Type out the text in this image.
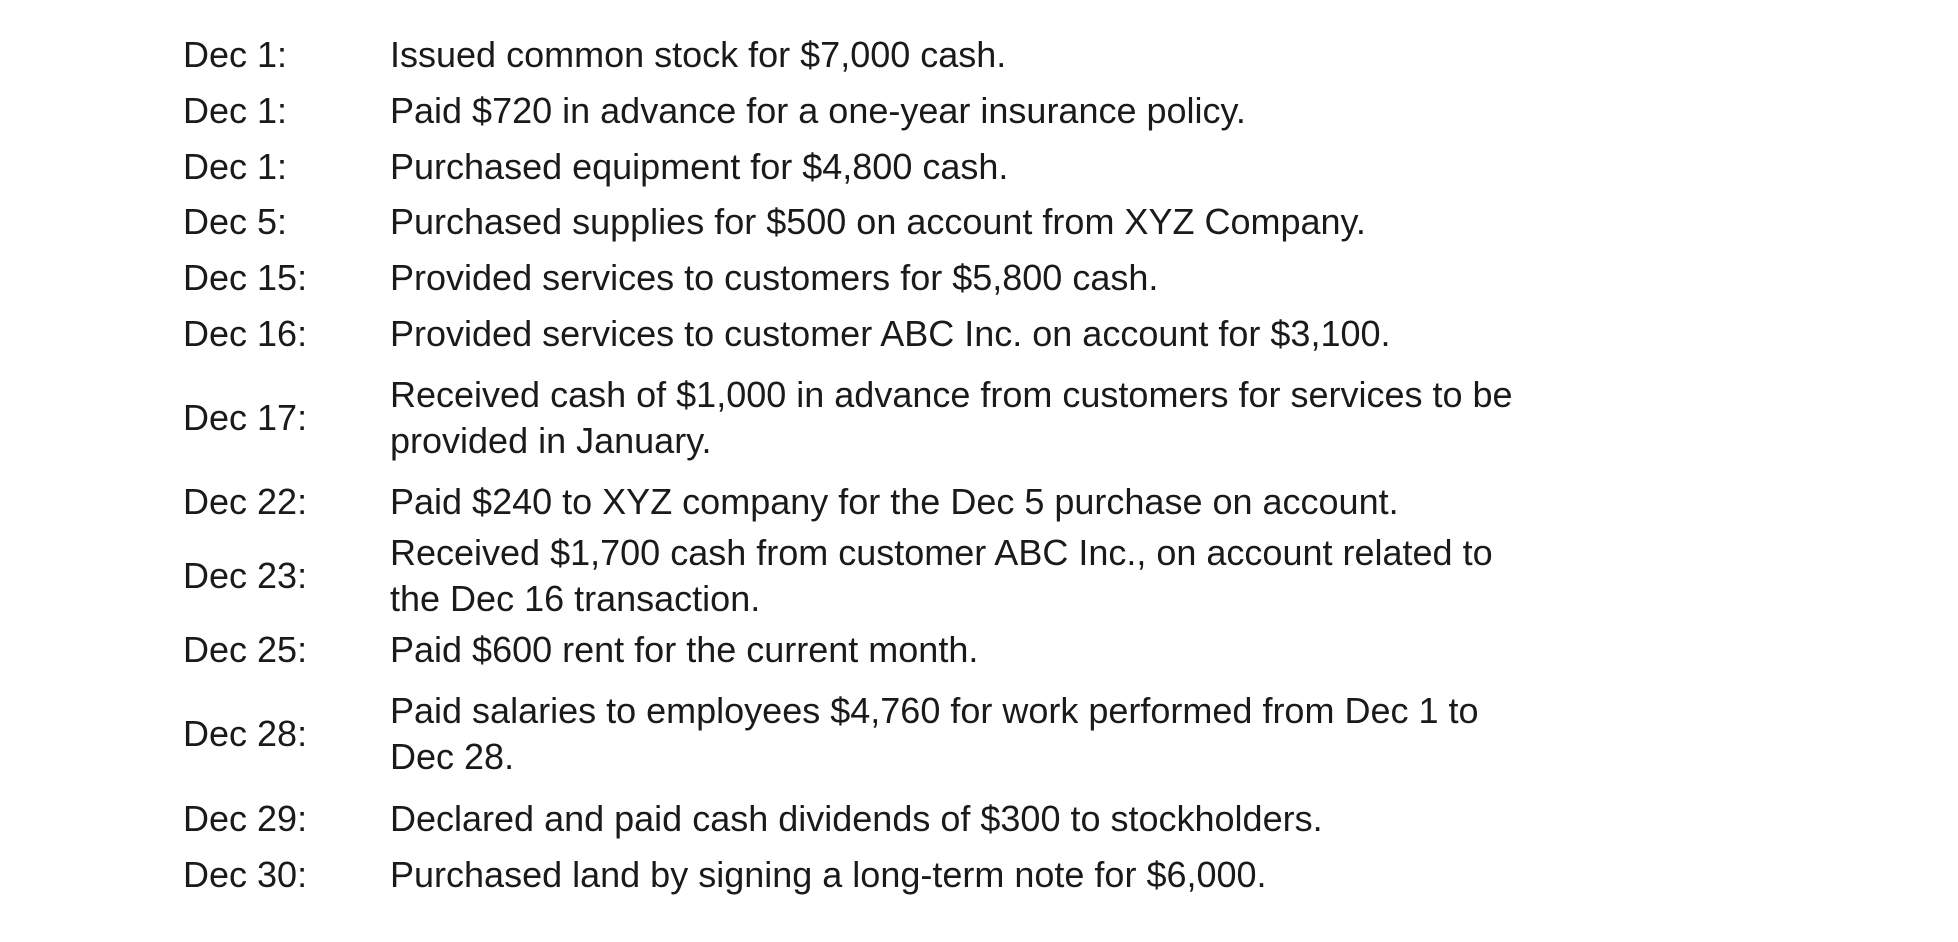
Dec 1:	Issued common stock for $7,000 cash.
Dec 1:	Paid $720 in advance for a one-year insurance policy.
Dec 1:	Purchased equipment for $4,800 cash.
Dec 5:	Purchased supplies for $500 on account from XYZ Company.
Dec 15: Provided services to customers for $5,800 cash.
Dec 16: Provided services to customer ABC Inc. on account for $3,100.
Dec 17:
Received cash of $1,000 in advance from customers for services to be
provided in January.
Dec 22: Paid $240 to XYZ company for the Dec 5 purchase on account.
Dec 23:
Received $1,700 cash from customer ABC Inc., on account related to
the Dec 16 transaction.
Dec 25: Paid $600 rent for the current month.
Dec 28:
Paid salaries to employees $4,760 for work performed from Dec 1 to
Dec 28.
Dec 29: Declared and paid cash dividends of $300 to stockholders.
Dec 30: Purchased land by signing a long-term note for $6,000.
